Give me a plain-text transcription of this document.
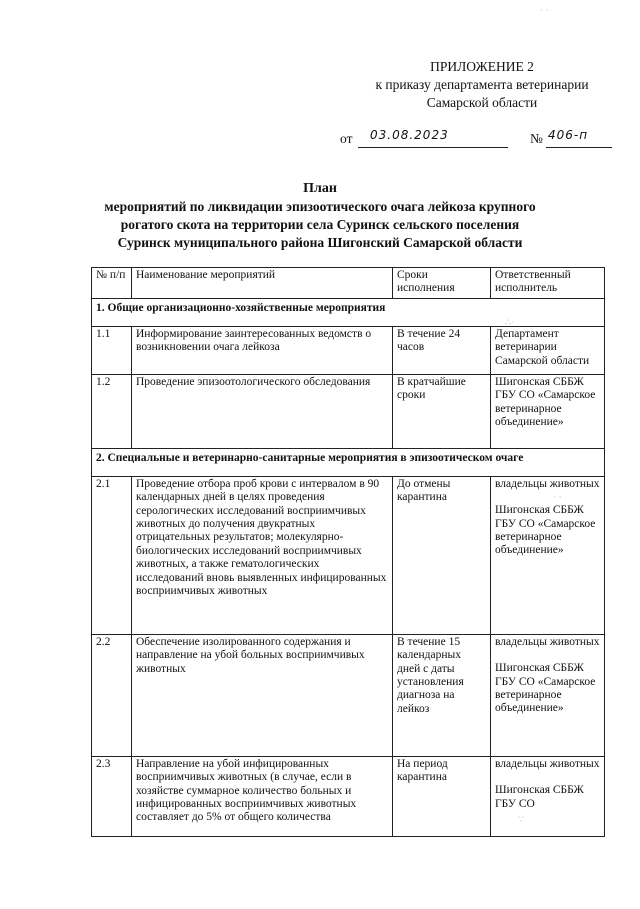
ПРИЛОЖЕНИЕ 2
к приказу департамента ветеринарии
Самарской области
от 03.08.2023	№ 406-п
План
мероприятий по ликвидации эпизоотического очага лейкоза крупного
рогатого скота на территории села Суринск сельского поселения
Суринск муниципального района Шигонский Самарской области
№ п/п	Наименование мероприятий	Сроки исполнения	Ответственный исполнитель
1. Общие организационно-хозяйственные мероприятия			
1.1	Информирование заинтересованных ведомств о возникновении очага лейкоза	В течение 24 часов	Департамент ветеринарии Самарской области

1.2	Проведение эпизоотологического обследования	В кратчайшие сроки	Шигонская СББЖ ГБУ СО «Самарское ветеринарное объединение»

2. Специальные и ветеринарно-санитарные мероприятия в эпизоотическом очаге			
2.1	Проведение отбора проб крови с интервалом в 90 календарных дней в целях проведения серологических исследований восприимчивых животных до получения двукратных отрицательных результатов; молекулярно-биологических исследований восприимчивых животных, а также гематологических исследований вновь выявленных инфицированных восприимчивых животных	До отмены карантина	владельцы животных
Шигонская СББЖ ГБУ СО «Самарское ветеринарное объединение»

2.2	Обеспечение изолированного содержания и направление на убой больных восприимчивых животных	В течение 15 календарных дней с даты установления диагноза на лейкоз	владельцы животных
Шигонская СББЖ ГБУ СО «Самарское ветеринарное объединение»

2.3	Направление на убой инфицированных восприимчивых животных (в случае, если в хозяйстве суммарное количество больных и инфицированных восприимчивых животных составляет до 5% от общего количества	На период карантина	владельцы животных
Шигонская СББЖ ГБУ СО
· ·
∴·
· ·
∵
